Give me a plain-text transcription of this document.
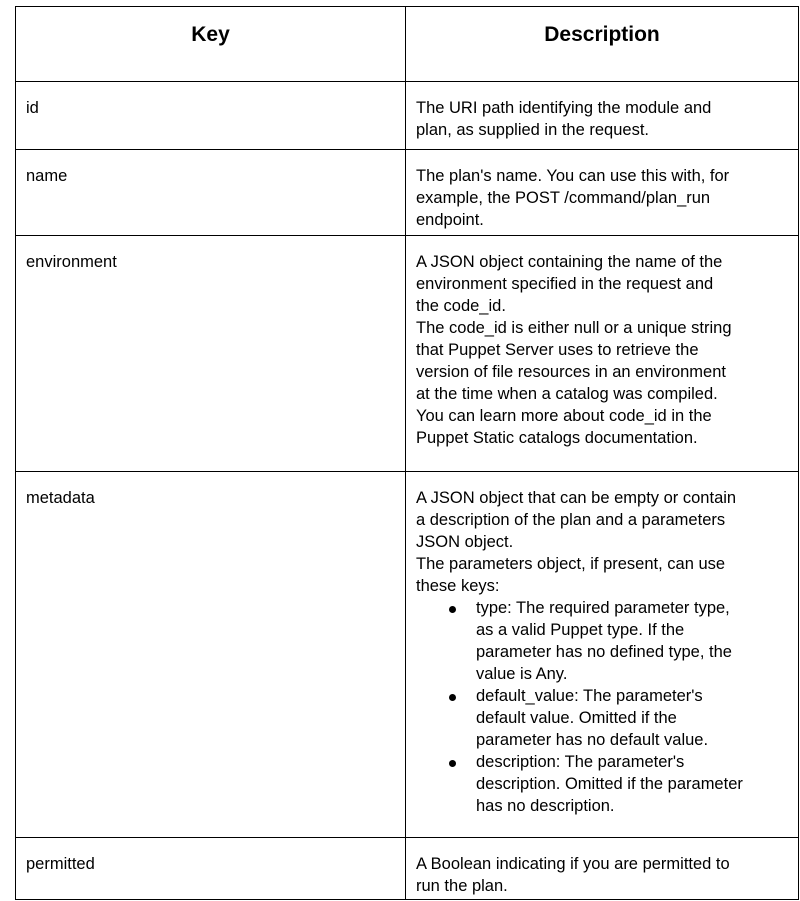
Key	Description
id	The URI path identifying the module and
plan, as supplied in the request.
name	The plan's name. You can use this with, for
example, the POST /command/plan_run
endpoint.
environment	A JSON object containing the name of the
environment specified in the request and
the code_id.
The code_id is either null or a unique string
that Puppet Server uses to retrieve the
version of file resources in an environment
at the time when a catalog was compiled.
You can learn more about code_id in the
Puppet Static catalogs documentation.
metadata	A JSON object that can be empty or contain
a description of the plan and a parameters
JSON object.
The parameters object, if present, can use
these keys:
type: The required parameter type,
as a valid Puppet type. If the
parameter has no defined type, the
value is Any.
default_value: The parameter's
default value. Omitted if the
parameter has no default value.
description: The parameter's
description. Omitted if the parameter
has no description.
permitted	A Boolean indicating if you are permitted to
run the plan.
